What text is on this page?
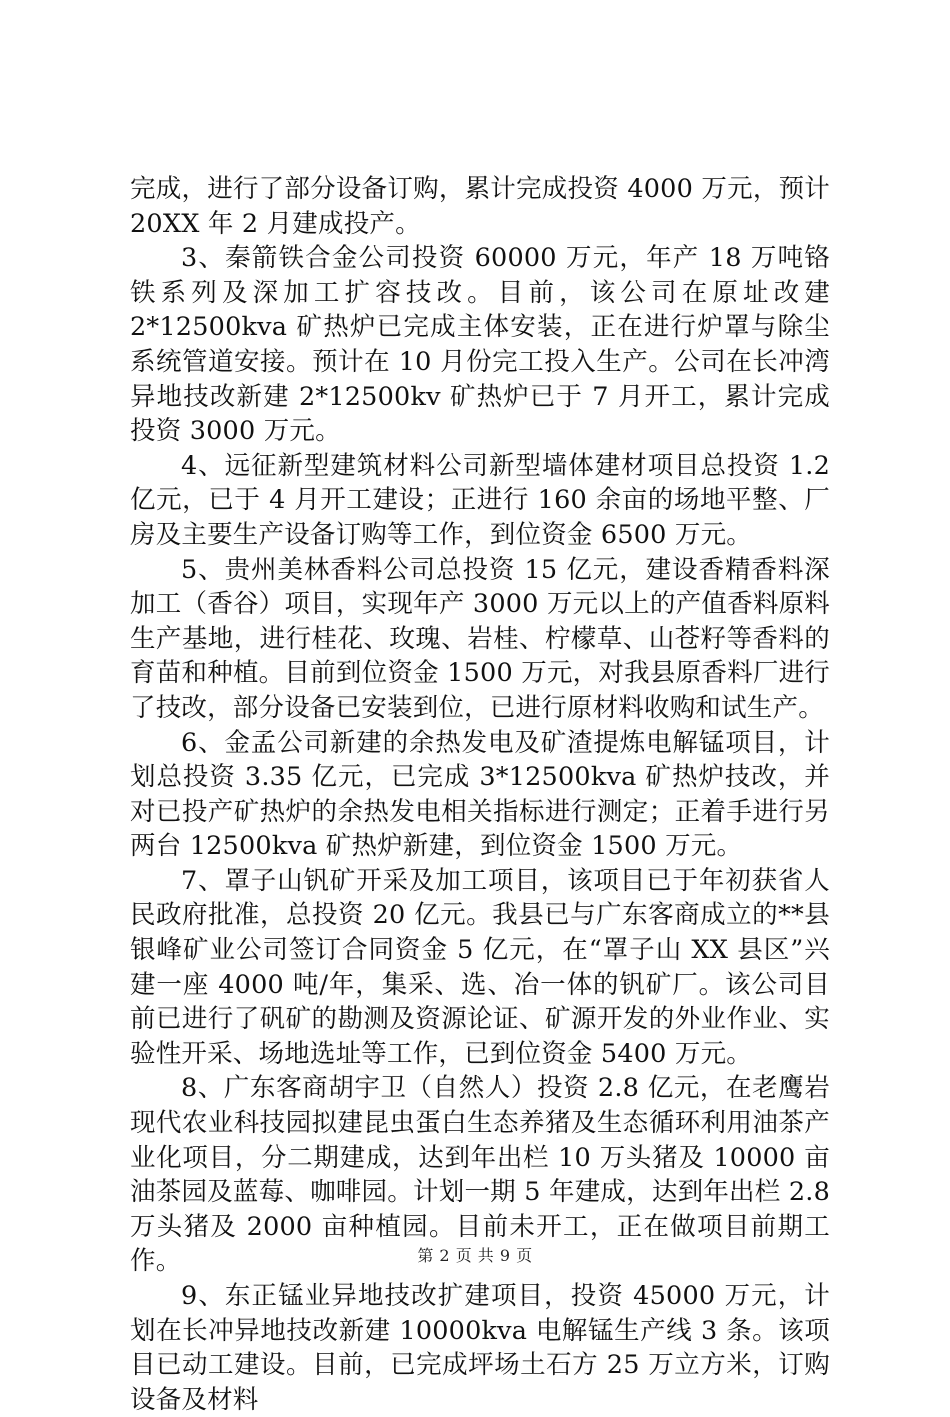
完成，进行了部分设备订购，累计完成投资 4000 万元，预计 20XX 年 2 月建成投产。

3、秦箭铁合金公司投资 60000 万元，年产 18 万吨铬铁系列及深加工扩容技改。目前，该公司在原址改建 2*12500kva 矿热炉已完成主体安装，正在进行炉罩与除尘系统管道安接。预计在 10 月份完工投入生产。公司在长冲湾异地技改新建 2*12500kv 矿热炉已于 7 月开工，累计完成投资 3000 万元。

4、远征新型建筑材料公司新型墙体建材项目总投资 1.2 亿元，已于 4 月开工建设；正进行 160 余亩的场地平整、厂房及主要生产设备订购等工作，到位资金 6500 万元。

5、贵州美林香料公司总投资 15 亿元，建设香精香料深加工（香谷）项目，实现年产 3000 万元以上的产值香料原料生产基地，进行桂花、玫瑰、岩桂、柠檬草、山苍籽等香料的育苗和种植。目前到位资金 1500 万元，对我县原香料厂进行了技改，部分设备已安装到位，已进行原材料收购和试生产。

6、金孟公司新建的余热发电及矿渣提炼电解锰项目，计划总投资 3.35 亿元，已完成 3*12500kva 矿热炉技改，并对已投产矿热炉的余热发电相关指标进行测定；正着手进行另两台 12500kva 矿热炉新建，到位资金 1500 万元。

7、罩子山钒矿开采及加工项目，该项目已于年初获省人民政府批准，总投资 20 亿元。我县已与广东客商成立的**县银峰矿业公司签订合同资金 5 亿元，在“罩子山 XX 县区”兴建一座 4000 吨/年，集采、选、冶一体的钒矿厂。该公司目前已进行了矾矿的勘测及资源论证、矿源开发的外业作业、实验性开采、场地选址等工作，已到位资金 5400 万元。

8、广东客商胡宇卫（自然人）投资 2.8 亿元，在老鹰岩现代农业科技园拟建昆虫蛋白生态养猪及生态循环利用油茶产业化项目，分二期建成，达到年出栏 10 万头猪及 10000 亩油茶园及蓝莓、咖啡园。计划一期 5 年建成，达到年出栏 2.8 万头猪及 2000 亩种植园。目前未开工，正在做项目前期工作。

9、东正锰业异地技改扩建项目，投资 45000 万元，计划在长冲异地技改新建 10000kva 电解锰生产线 3 条。该项目已动工建设。目前，已完成坪场土石方 25 万立方米，订购设备及材料

第 2 页 共 9 页
